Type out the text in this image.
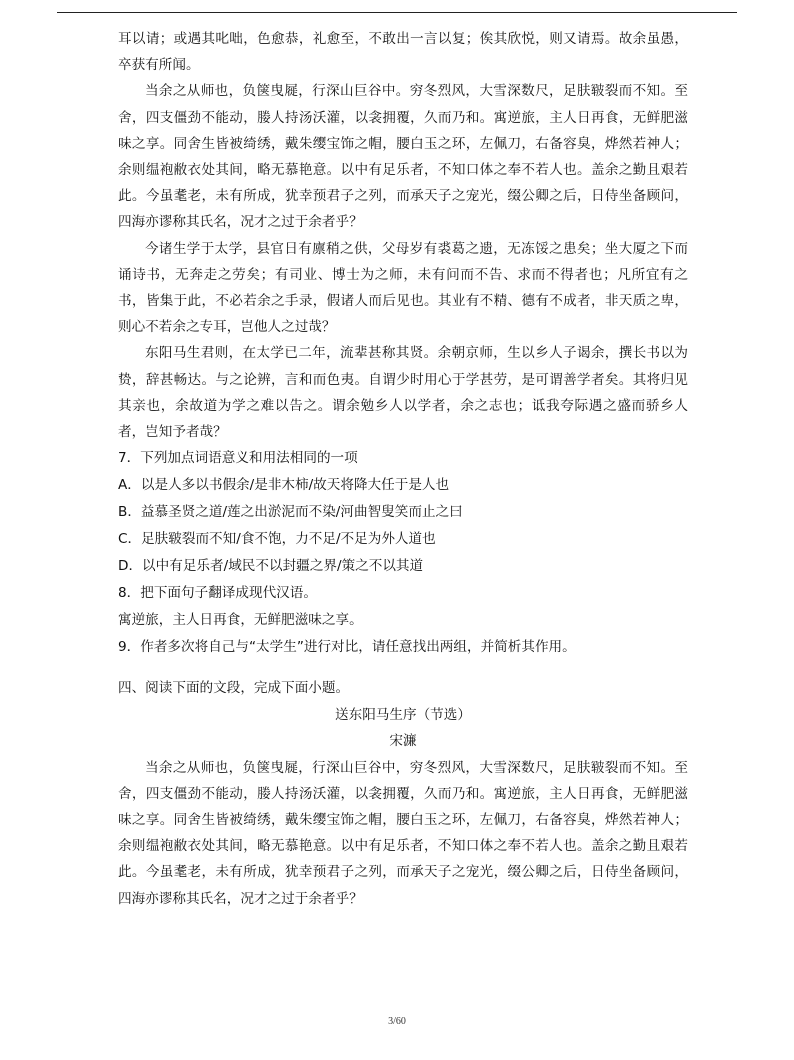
耳以请；或遇其叱咄，色愈恭，礼愈至，不敢出一言以复；俟其欣悦，则又请焉。故余虽愚，卒获有所闻。

当余之从师也，负箧曳屣，行深山巨谷中。穷冬烈风，大雪深数尺，足肤皲裂而不知。至舍，四支僵劲不能动，媵人持汤沃灌，以衾拥覆，久而乃和。寓逆旅，主人日再食，无鲜肥滋味之享。同舍生皆被绮绣，戴朱缨宝饰之帽，腰白玉之环，左佩刀，右备容臭，烨然若神人；余则缊袍敝衣处其间，略无慕艳意。以中有足乐者，不知口体之奉不若人也。盖余之勤且艰若此。今虽耄老，未有所成，犹幸预君子之列，而承天子之宠光，缀公卿之后，日侍坐备顾问，四海亦谬称其氏名，况才之过于余者乎？

今诸生学于太学，县官日有廪稍之供，父母岁有裘葛之遗，无冻馁之患矣；坐大厦之下而诵诗书，无奔走之劳矣；有司业、博士为之师，未有问而不告、求而不得者也；凡所宜有之书，皆集于此，不必若余之手录，假诸人而后见也。其业有不精、德有不成者，非天质之卑，则心不若余之专耳，岂他人之过哉？

东阳马生君则，在太学已二年，流辈甚称其贤。余朝京师，生以乡人子谒余，撰长书以为贽，辞甚畅达。与之论辨，言和而色夷。自谓少时用心于学甚劳，是可谓善学者矣。其将归见其亲也，余故道为学之难以告之。谓余勉乡人以学者，余之志也；诋我夸际遇之盛而骄乡人者，岂知予者哉？

7．下列加点词语意义和用法相同的一项

A．以是人多以书假余/是非木柿/故天将降大任于是人也

B．益慕圣贤之道/莲之出淤泥而不染/河曲智叟笑而止之曰

C．足肤皲裂而不知/食不饱，力不足/不足为外人道也

D．以中有足乐者/域民不以封疆之界/策之不以其道

8．把下面句子翻译成现代汉语。

寓逆旅，主人日再食，无鲜肥滋味之享。

9．作者多次将自己与“太学生”进行对比，请任意找出两组，并简析其作用。

四、阅读下面的文段，完成下面小题。

送东阳马生序（节选）

宋濂

当余之从师也，负箧曳屣，行深山巨谷中，穷冬烈风，大雪深数尺，足肤皲裂而不知。至舍，四支僵劲不能动，媵人持汤沃灌，以衾拥覆，久而乃和。寓逆旅，主人日再食，无鲜肥滋味之享。同舍生皆被绮绣，戴朱缨宝饰之帽，腰白玉之环，左佩刀，右备容臭，烨然若神人；余则缊袍敝衣处其间，略无慕艳意。以中有足乐者，不知口体之奉不若人也。盖余之勤且艰若此。今虽耄老，未有所成，犹幸预君子之列，而承天子之宠光，缀公卿之后，日侍坐备顾问，四海亦谬称其氏名，况才之过于余者乎？

3/60
